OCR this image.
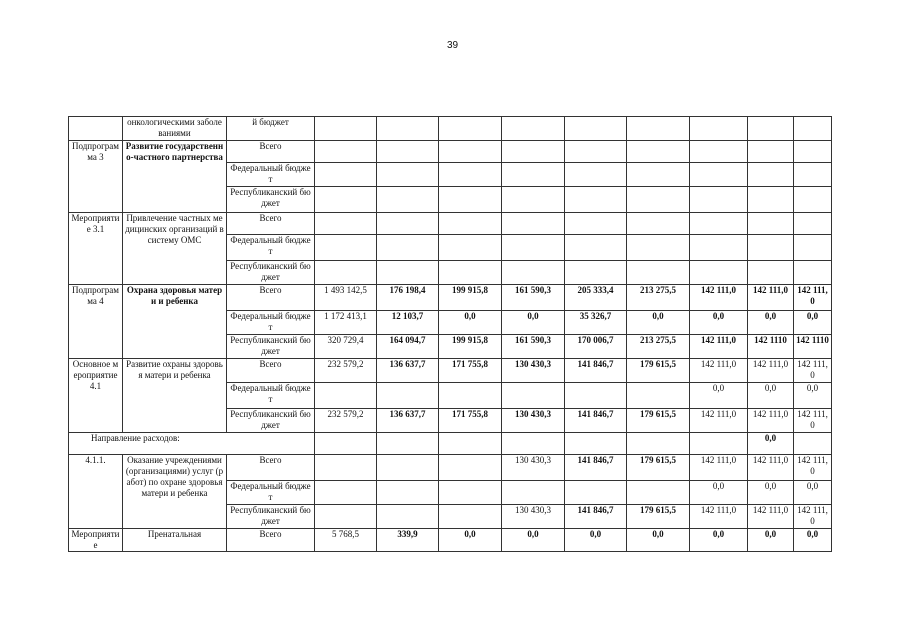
39
	онкологическими заболеваниями	й бюджет									
Подпрограмма 3	Развитие государственно-частного партнерства	Всего									
		Федеральный бюджет									
		Республиканский бюджет									
Мероприятие 3.1	Привлечение частных медицинских организаций в систему ОМС	Всего									
		Федеральный бюджет									
		Республиканский бюджет									
Подпрограмма 4	Охрана здоровья матери и ребенка	Всего	1 493 142,5	176 198,4	199 915,8	161 590,3	205 333,4	213 275,5	142 111,0	142 111,0	142 111,0
		Федеральный бюджет	1 172 413,1	12 103,7	0,0	0,0	35 326,7	0,0	0,0	0,0	0,0
		Республиканский бюджет	320 729,4	164 094,7	199 915,8	161 590,3	170 006,7	213 275,5	142 111,0	142 1110	142 1110
Основное мероприятие 4.1	Развитие охраны здоровья матери и ребенка	Всего	232 579,2	136 637,7	171 755,8	130 430,3	141 846,7	179 615,5	142 111,0	142 111,0	142 111,0
		Федеральный бюджет							0,0	0,0	0,0
		Республиканский бюджет	232 579,2	136 637,7	171 755,8	130 430,3	141 846,7	179 615,5	142 111,0	142 111,0	142 111,0
Направление расходов:										0,0	
4.1.1.	Оказание учреждениями (организациями) услуг (работ) по охране здоровья матери и ребенка	Всего				130 430,3	141 846,7	179 615,5	142 111,0	142 111,0	142 111,0
		Федеральный бюджет							0,0	0,0	0,0
		Республиканский бюджет				130 430,3	141 846,7	179 615,5	142 111,0	142 111,0	142 111,0
Мероприятие	Пренатальная	Всего	5 768,5	339,9	0,0	0,0	0,0	0,0	0,0	0,0	0,0
